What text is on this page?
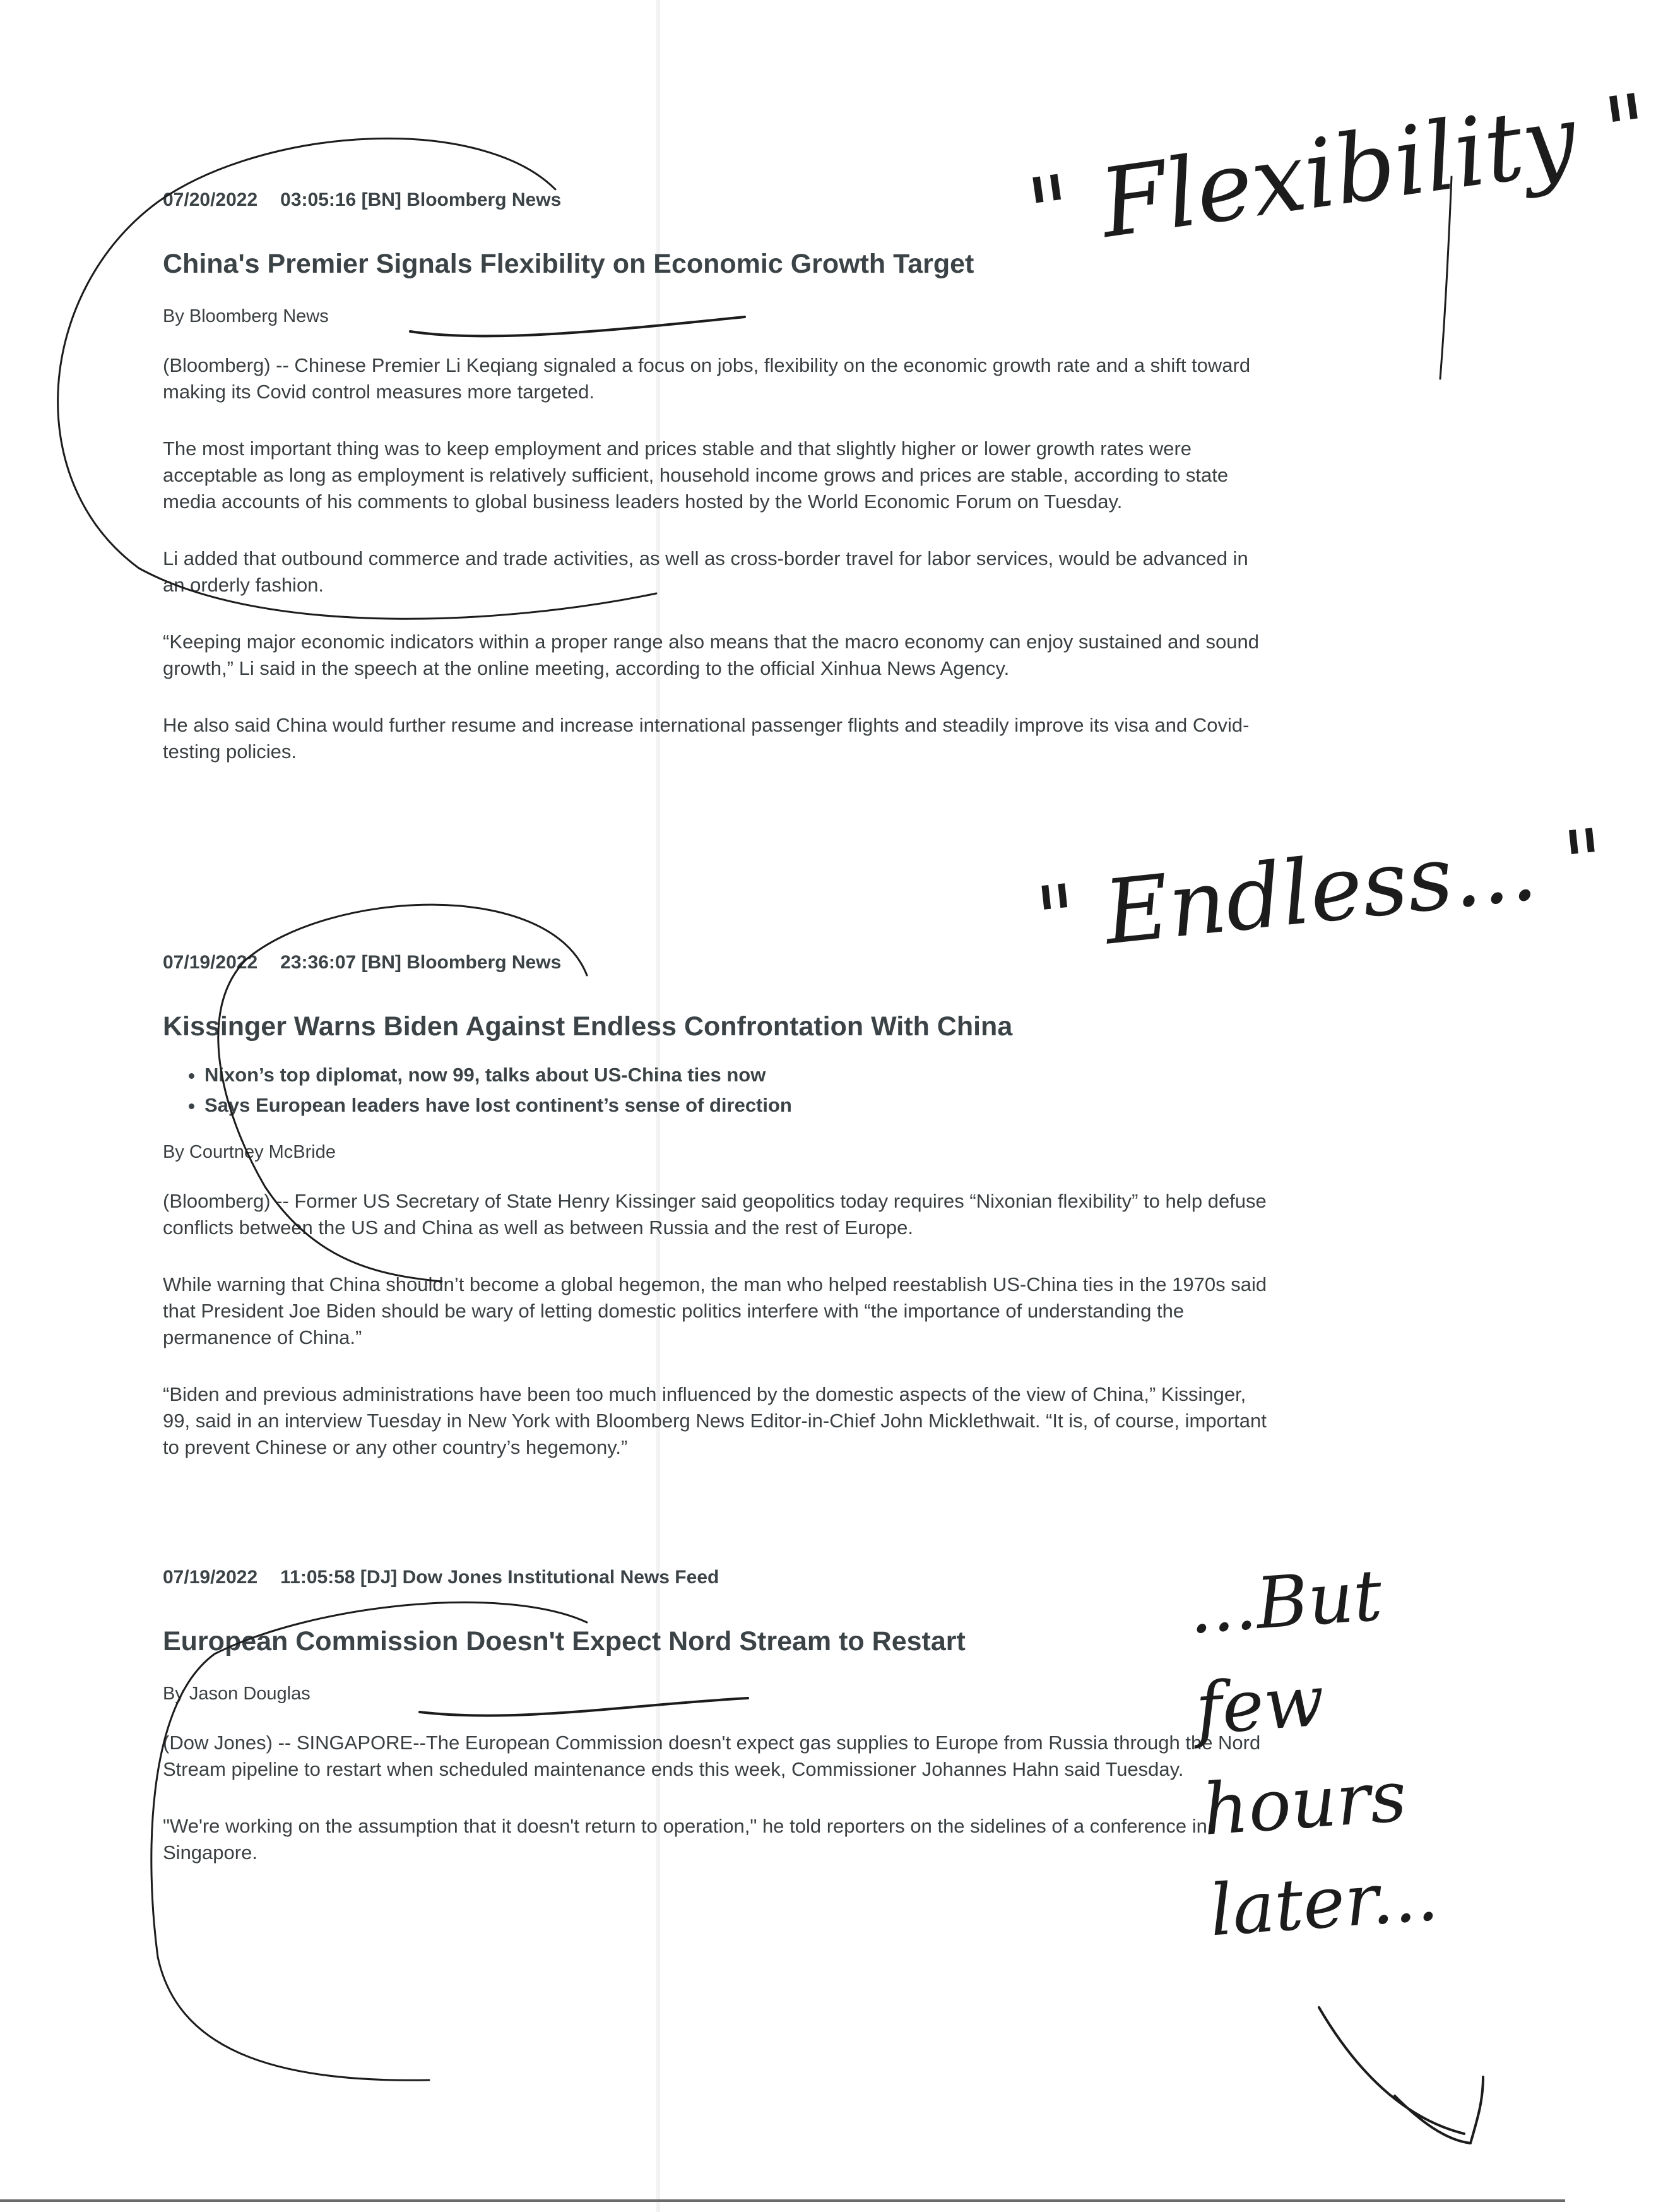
07/20/2022 03:05:16 [BN] Bloomberg News

China's Premier Signals Flexibility on Economic Growth Target

By Bloomberg News

(Bloomberg) -- Chinese Premier Li Keqiang signaled a focus on jobs, flexibility on the economic growth rate and a shift toward making its Covid control measures more targeted.

The most important thing was to keep employment and prices stable and that slightly higher or lower growth rates were acceptable as long as employment is relatively sufficient, household income grows and prices are stable, according to state media accounts of his comments to global business leaders hosted by the World Economic Forum on Tuesday.

Li added that outbound commerce and trade activities, as well as cross-border travel for labor services, would be advanced in an orderly fashion.

“Keeping major economic indicators within a proper range also means that the macro economy can enjoy sustained and sound growth,” Li said in the speech at the online meeting, according to the official Xinhua News Agency.

He also said China would further resume and increase international passenger flights and steadily improve its visa and Covid-testing policies.

07/19/2022 23:36:07 [BN] Bloomberg News

Kissinger Warns Biden Against Endless Confrontation With China
• Nixon’s top diplomat, now 99, talks about US-China ties now
• Says European leaders have lost continent’s sense of direction

By Courtney McBride

(Bloomberg) -- Former US Secretary of State Henry Kissinger said geopolitics today requires “Nixonian flexibility” to help defuse conflicts between the US and China as well as between Russia and the rest of Europe.

While warning that China shouldn’t become a global hegemon, the man who helped reestablish US-China ties in the 1970s said that President Joe Biden should be wary of letting domestic politics interfere with “the importance of understanding the permanence of China.”

“Biden and previous administrations have been too much influenced by the domestic aspects of the view of China,” Kissinger, 99, said in an interview Tuesday in New York with Bloomberg News Editor-in-Chief John Micklethwait. “It is, of course, important to prevent Chinese or any other country’s hegemony.”

07/19/2022 11:05:58 [DJ] Dow Jones Institutional News Feed

European Commission Doesn't Expect Nord Stream to Restart

By Jason Douglas

(Dow Jones) -- SINGAPORE--The European Commission doesn't expect gas supplies to Europe from Russia through the Nord Stream pipeline to restart when scheduled maintenance ends this week, Commissioner Johannes Hahn said Tuesday.

"We're working on the assumption that it doesn't return to operation," he told reporters on the sidelines of a conference in Singapore.

" Flexibility "
" Endless... "
...But few hours later...
